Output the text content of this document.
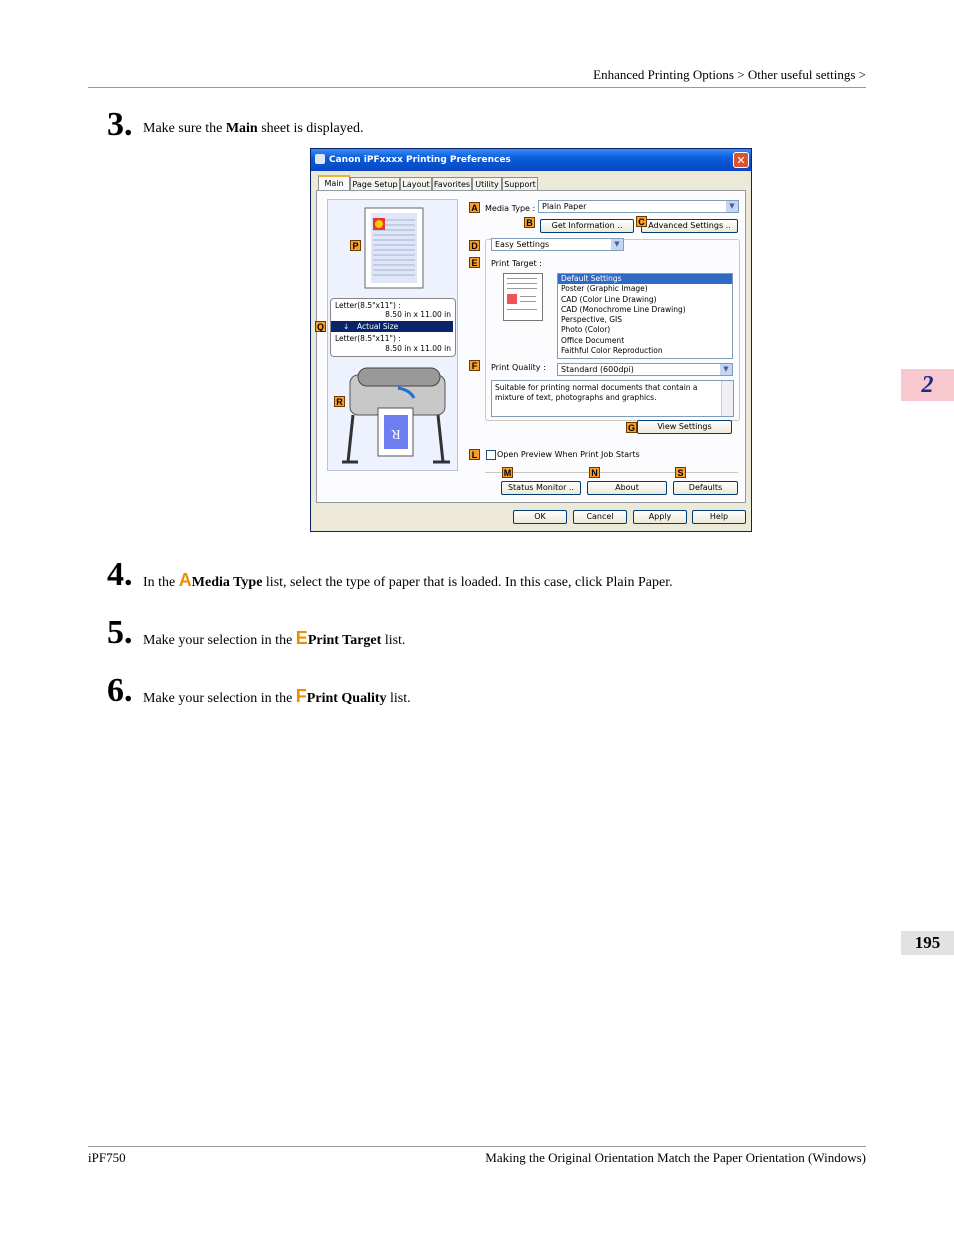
Enhanced Printing Options > Other useful settings >
2
195
iPF750	Making the Original Orientation Match the Paper Orientation (Windows)
3. Make sure the Main sheet is displayed.
Canon iPFxxxx Printing Preferences	✕
Main	Page Setup Layout Favorites Utility Support
R
Letter(8.5"x11") :
8.50 in x 11.00 in
↓ Actual Size
Letter(8.5"x11") :
8.50 in x 11.00 in
Media Type : Plain Paper	▼
Get Information ..	Advanced Settings ..
Easy Settings	▼
Print Target :
Default Settings
Poster (Graphic Image)
CAD (Color Line Drawing)
CAD (Monochrome Line Drawing)
Perspective, GIS
Photo (Color)
Office Document
Faithful Color Reproduction
Print Quality :	Standard (600dpi)	▼
Suitable for printing normal documents that contain a mixture of text, photographs and graphics.
View Settings
Open Preview When Print Job Starts
Status Monitor ..	About	Defaults
OK	Cancel	Apply	Help
A
B	C
D
E
F
G
L
M	N	S
P
Q
R
4. In the AMedia Type list, select the type of paper that is loaded. In this case, click Plain Paper.
5. Make your selection in the EPrint Target list.
6. Make your selection in the FPrint Quality list.
